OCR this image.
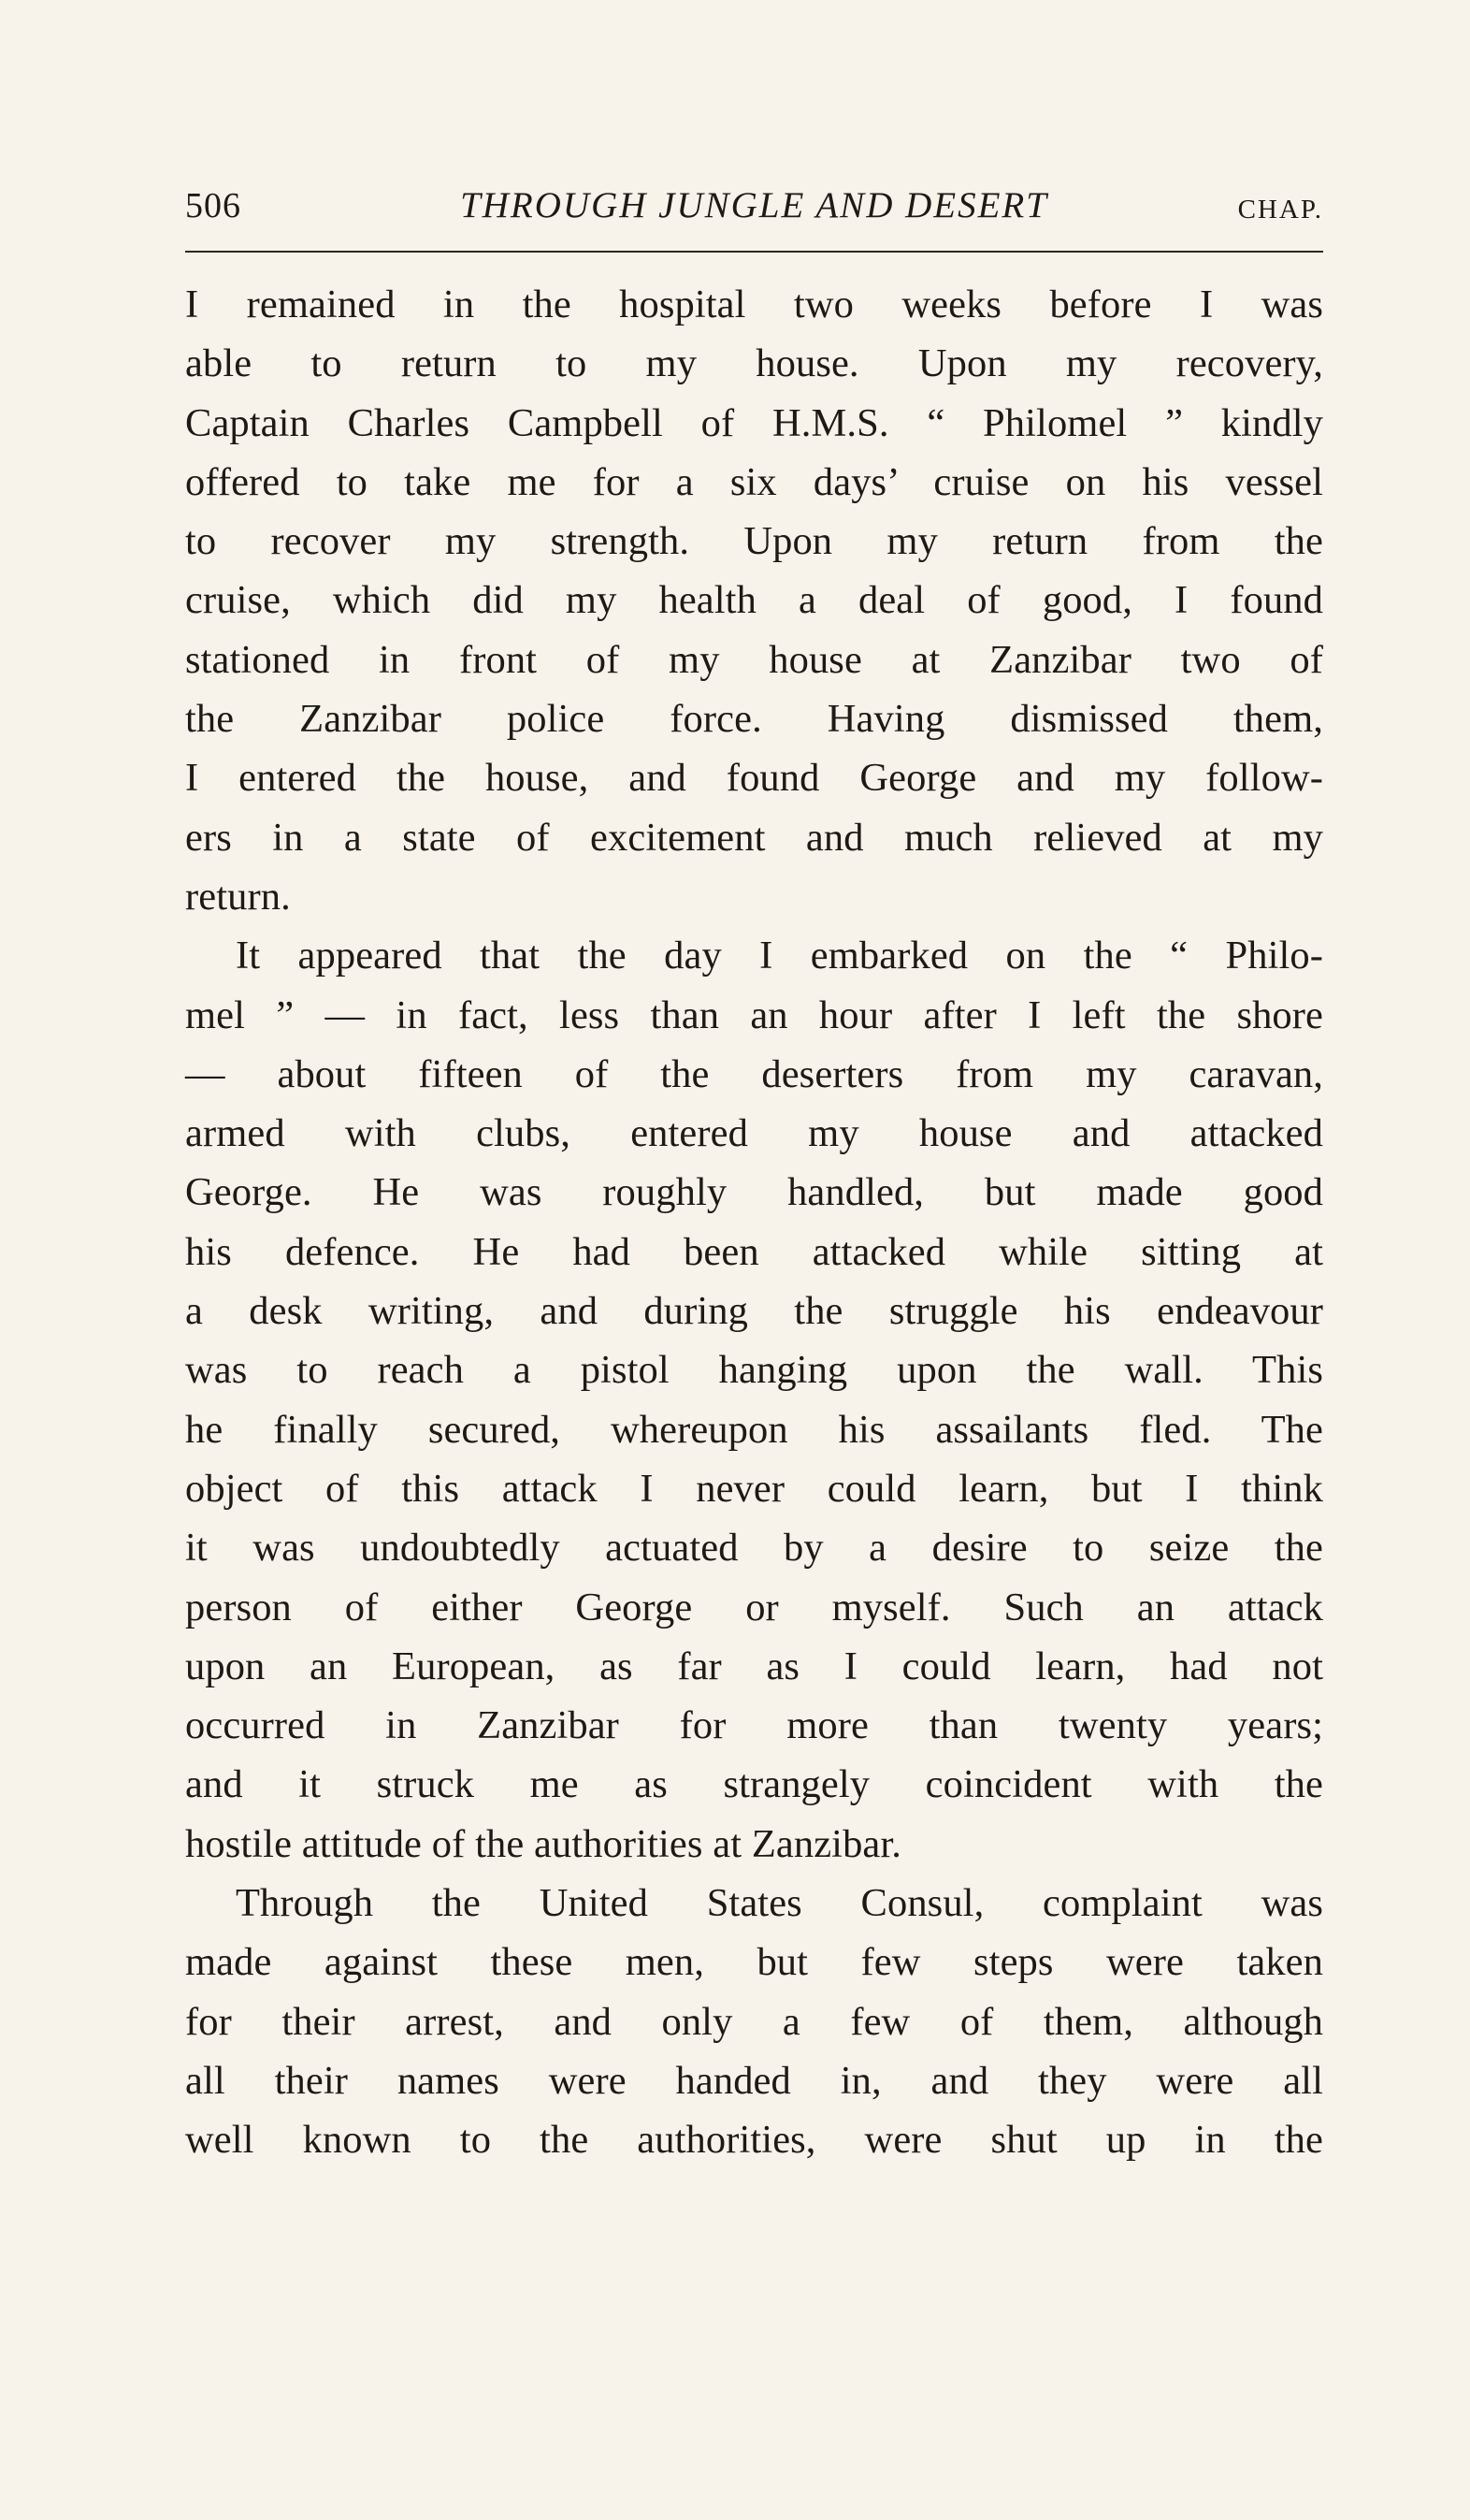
506	THROUGH JUNGLE AND DESERT	CHAP.

I remained in the hospital two weeks before I was
able to return to my house. Upon my recovery,
Captain Charles Campbell of H.M.S. “ Philomel ” kindly
offered to take me for a six days’ cruise on his vessel
to recover my strength. Upon my return from the
cruise, which did my health a deal of good, I found
stationed in front of my house at Zanzibar two of
the Zanzibar police force. Having dismissed them,
I entered the house, and found George and my follow-
ers in a state of excitement and much relieved at my
return.

It appeared that the day I embarked on the “ Philo-
mel ” — in fact, less than an hour after I left the shore
— about fifteen of the deserters from my caravan,
armed with clubs, entered my house and attacked
George. He was roughly handled, but made good
his defence. He had been attacked while sitting at
a desk writing, and during the struggle his endeavour
was to reach a pistol hanging upon the wall. This
he finally secured, whereupon his assailants fled. The
object of this attack I never could learn, but I think
it was undoubtedly actuated by a desire to seize the
person of either George or myself. Such an attack
upon an European, as far as I could learn, had not
occurred in Zanzibar for more than twenty years;
and it struck me as strangely coincident with the
hostile attitude of the authorities at Zanzibar.

Through the United States Consul, complaint was
made against these men, but few steps were taken
for their arrest, and only a few of them, although
all their names were handed in, and they were all
well known to the authorities, were shut up in the
